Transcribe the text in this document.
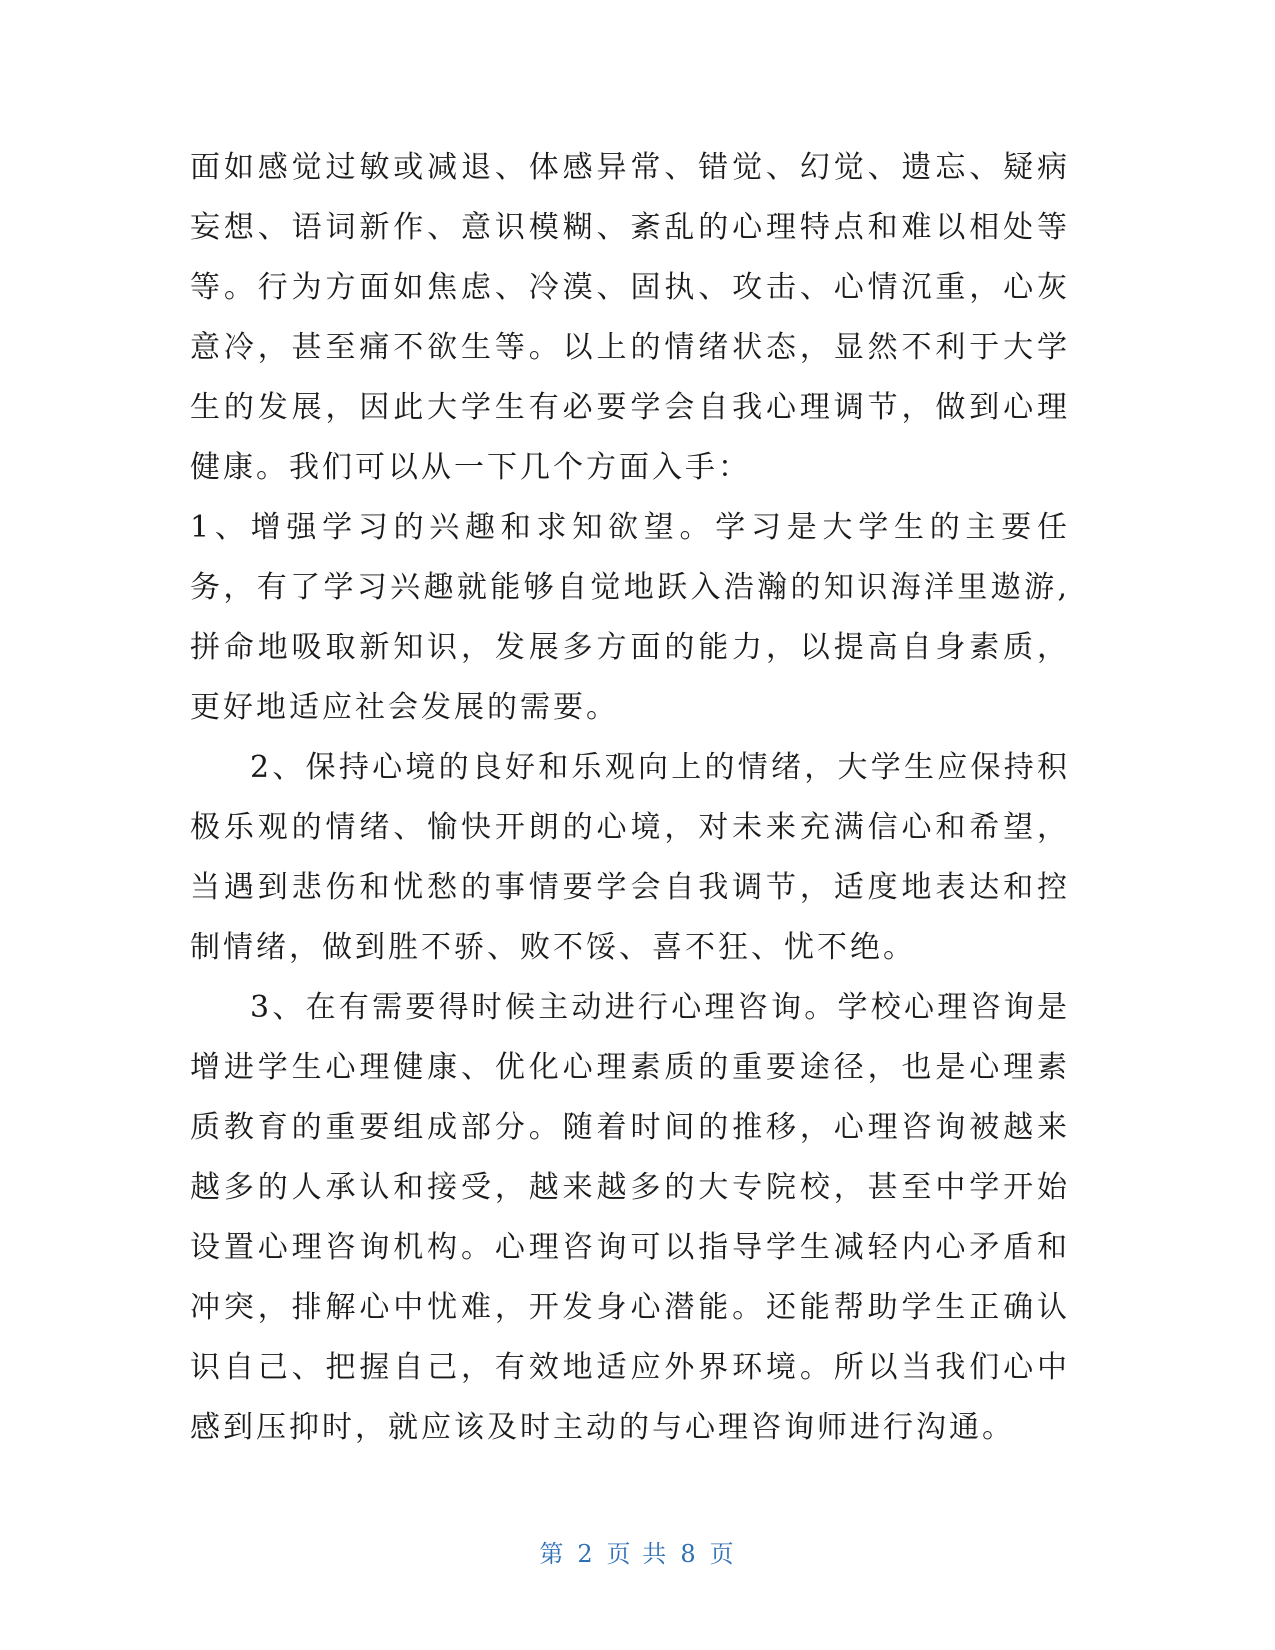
面如感觉过敏或减退、体感异常、错觉、幻觉、遗忘、疑病妄想、语词新作、意识模糊、紊乱的心理特点和难以相处等等。行为方面如焦虑、冷漠、固执、攻击、心情沉重，心灰意冷，甚至痛不欲生等。以上的情绪状态，显然不利于大学生的发展，因此大学生有必要学会自我心理调节，做到心理健康。我们可以从一下几个方面入手：

1、增强学习的兴趣和求知欲望。学习是大学生的主要任务，有了学习兴趣就能够自觉地跃入浩瀚的知识海洋里遨游,拼命地吸取新知识，发展多方面的能力，以提高自身素质，更好地适应社会发展的需要。

2、保持心境的良好和乐观向上的情绪，大学生应保持积极乐观的情绪、愉快开朗的心境，对未来充满信心和希望，当遇到悲伤和忧愁的事情要学会自我调节，适度地表达和控制情绪，做到胜不骄、败不馁、喜不狂、忧不绝。

3、在有需要得时候主动进行心理咨询。学校心理咨询是增进学生心理健康、优化心理素质的重要途径，也是心理素质教育的重要组成部分。随着时间的推移，心理咨询被越来越多的人承认和接受，越来越多的大专院校，甚至中学开始设置心理咨询机构。心理咨询可以指导学生减轻内心矛盾和冲突，排解心中忧难，开发身心潜能。还能帮助学生正确认识自己、把握自己，有效地适应外界环境。所以当我们心中感到压抑时，就应该及时主动的与心理咨询师进行沟通。

第 2 页 共 8 页
